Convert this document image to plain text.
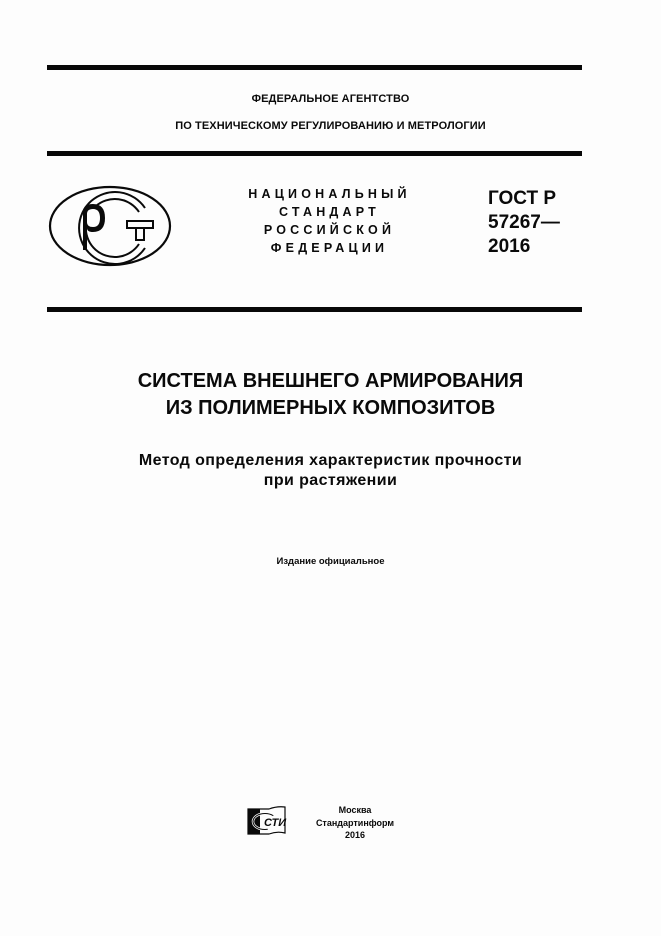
ФЕДЕРАЛЬНОЕ АГЕНТСТВО
ПО ТЕХНИЧЕСКОМУ РЕГУЛИРОВАНИЮ И МЕТРОЛОГИИ
НАЦИОНАЛЬНЫЙ
СТАНДАРТ
РОССИЙСКОЙ
ФЕДЕРАЦИИ
ГОСТ Р
57267—
2016
СИСТЕМА ВНЕШНЕГО АРМИРОВАНИЯ
ИЗ ПОЛИМЕРНЫХ КОМПОЗИТОВ
Метод определения характеристик прочности
при растяжении
Издание официальное
СТИ
Москва
Стандартинформ
2016
